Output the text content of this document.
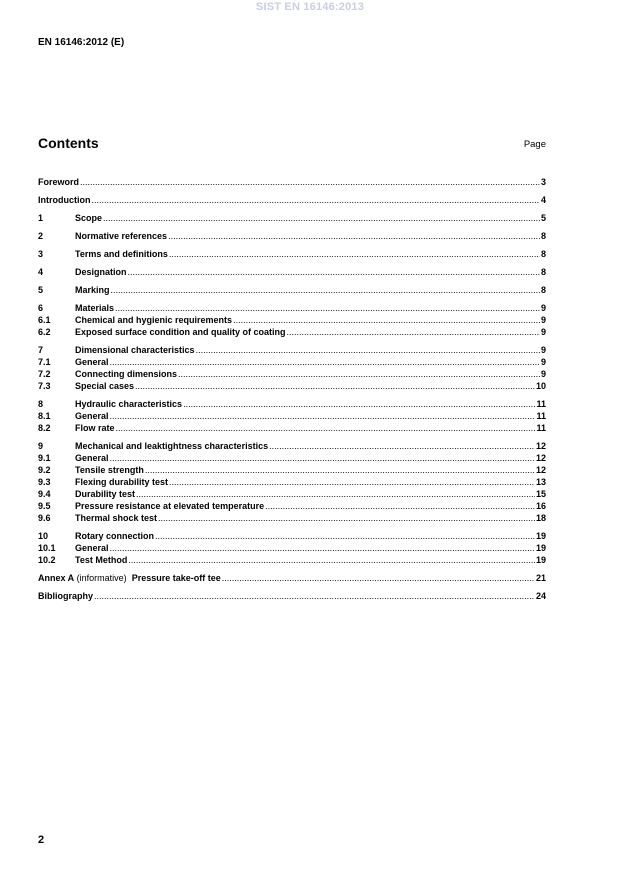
SIST EN 16146:2013
EN 16146:2012 (E)
Contents	Page
Foreword .....	3
Introduction .....	4
1	Scope .....	5
2	Normative references .....	8
3	Terms and definitions .....	8
4	Designation .....	8
5	Marking .....	8
6	Materials .....	9
6.1	Chemical and hygienic requirements .....	9
6.2	Exposed surface condition and quality of coating .....	9
7	Dimensional characteristics .....	9
7.1	General .....	9
7.2	Connecting dimensions .....	9
7.3	Special cases .....	10
8	Hydraulic characteristics .....	11
8.1	General .....	11
8.2	Flow rate .....	11
9	Mechanical and leaktightness characteristics .....	12
9.1	General .....	12
9.2	Tensile strength .....	12
9.3	Flexing durability test .....	13
9.4	Durability test .....	15
9.5	Pressure resistance at elevated temperature .....	16
9.6	Thermal shock test .....	18
10	Rotary connection .....	19
10.1	General .....	19
10.2	Test Method .....	19
Annex A (informative) Pressure take-off tee .....	21
Bibliography .....	24
2
